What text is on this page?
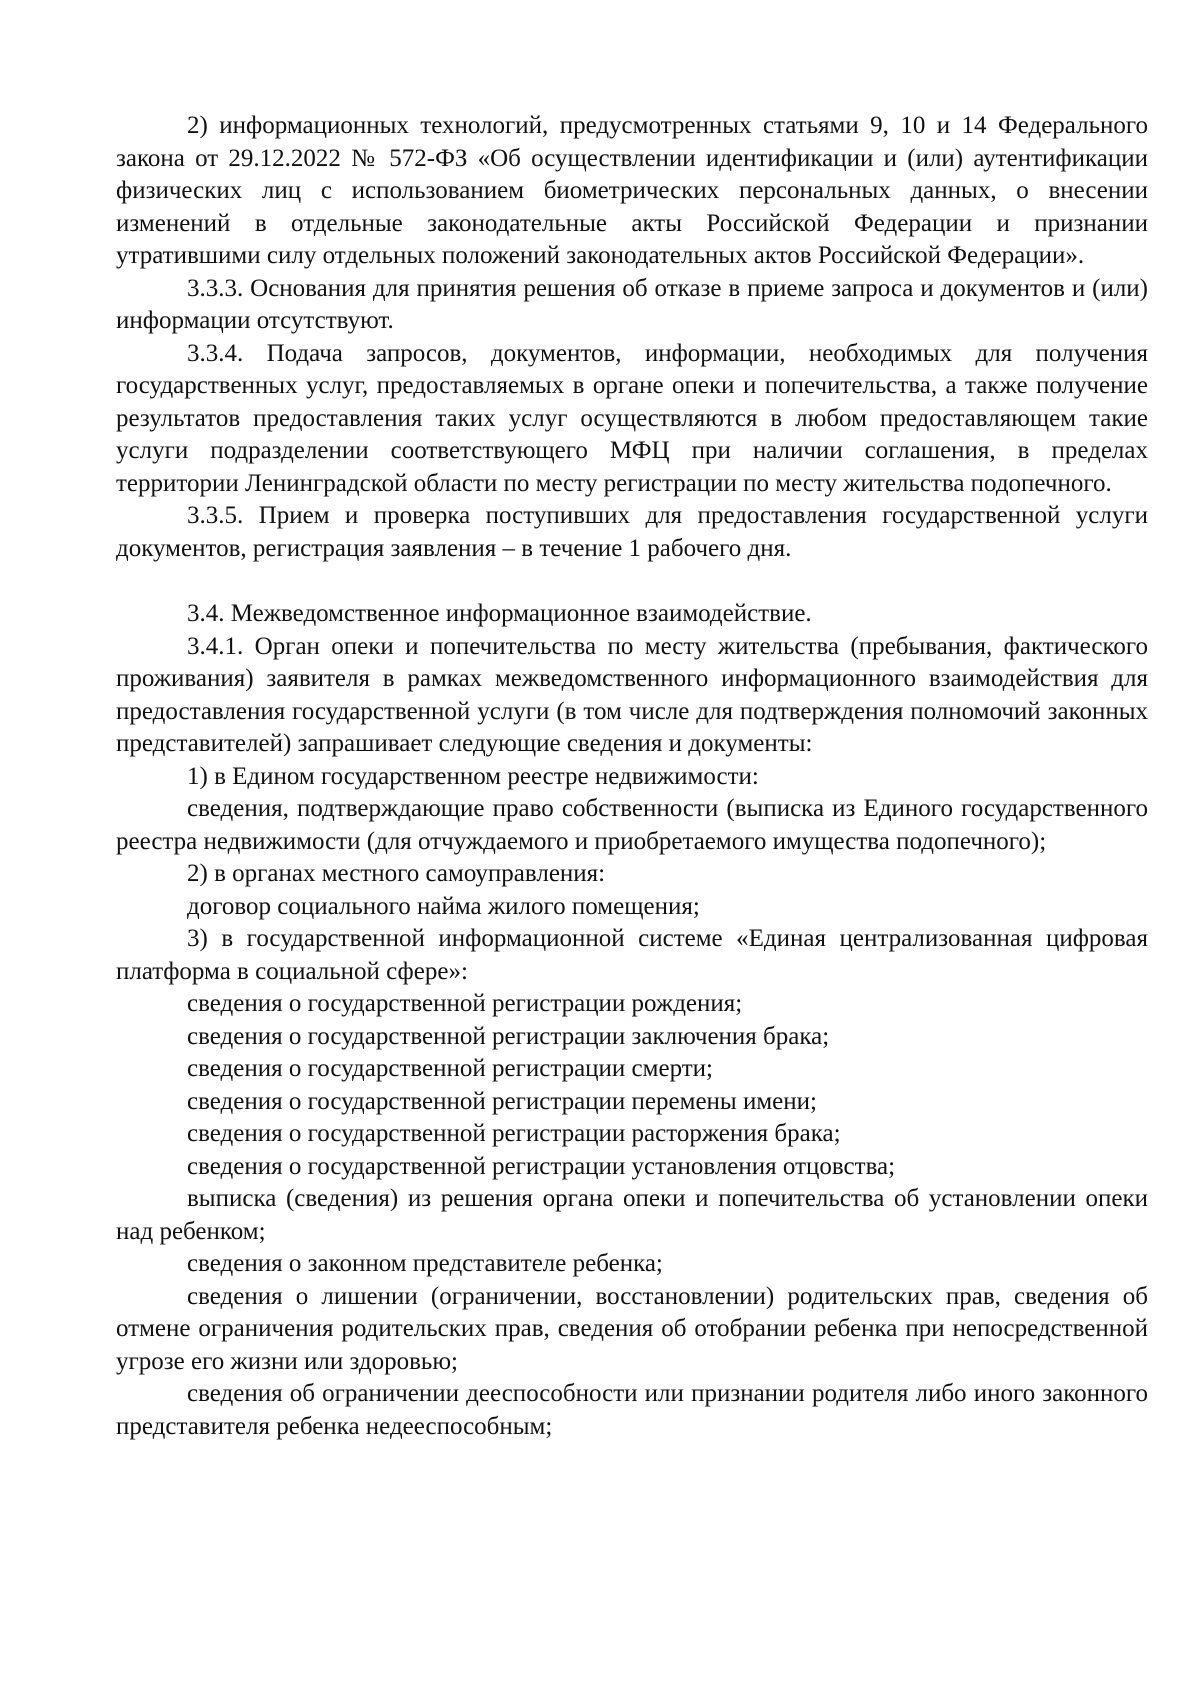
2) информационных технологий, предусмотренных статьями 9, 10 и 14 Федерального закона от 29.12.2022 № 572-ФЗ «Об осуществлении идентификации и (или) аутентификации физических лиц с использованием биометрических персональных данных, о внесении изменений в отдельные законодательные акты Российской Федерации и признании утратившими силу отдельных положений законодательных актов Российской Федерации».

3.3.3. Основания для принятия решения об отказе в приеме запроса и документов и (или) информации отсутствуют.

3.3.4. Подача запросов, документов, информации, необходимых для получения государственных услуг, предоставляемых в органе опеки и попечительства, а также получение результатов предоставления таких услуг осуществляются в любом предоставляющем такие услуги подразделении соответствующего МФЦ при наличии соглашения, в пределах территории Ленинградской области по месту регистрации по месту жительства подопечного.

3.3.5. Прием и проверка поступивших для предоставления государственной услуги документов, регистрация заявления – в течение 1 рабочего дня.

3.4. Межведомственное информационное взаимодействие.

3.4.1. Орган опеки и попечительства по месту жительства (пребывания, фактического проживания) заявителя в рамках межведомственного информационного взаимодействия для предоставления государственной услуги (в том числе для подтверждения полномочий законных представителей) запрашивает следующие сведения и документы:

1) в Едином государственном реестре недвижимости:

сведения, подтверждающие право собственности (выписка из Единого государственного реестра недвижимости (для отчуждаемого и приобретаемого имущества подопечного);

2) в органах местного самоуправления:

договор социального найма жилого помещения;

3) в государственной информационной системе «Единая централизованная цифровая платформа в социальной сфере»:

сведения о государственной регистрации рождения;

сведения о государственной регистрации заключения брака;

сведения о государственной регистрации смерти;

сведения о государственной регистрации перемены имени;

сведения о государственной регистрации расторжения брака;

сведения о государственной регистрации установления отцовства;

выписка (сведения) из решения органа опеки и попечительства об установлении опеки над ребенком;

сведения о законном представителе ребенка;

сведения о лишении (ограничении, восстановлении) родительских прав, сведения об отмене ограничения родительских прав, сведения об отобрании ребенка при непосредственной угрозе его жизни или здоровью;

сведения об ограничении дееспособности или признании родителя либо иного законного представителя ребенка недееспособным;
